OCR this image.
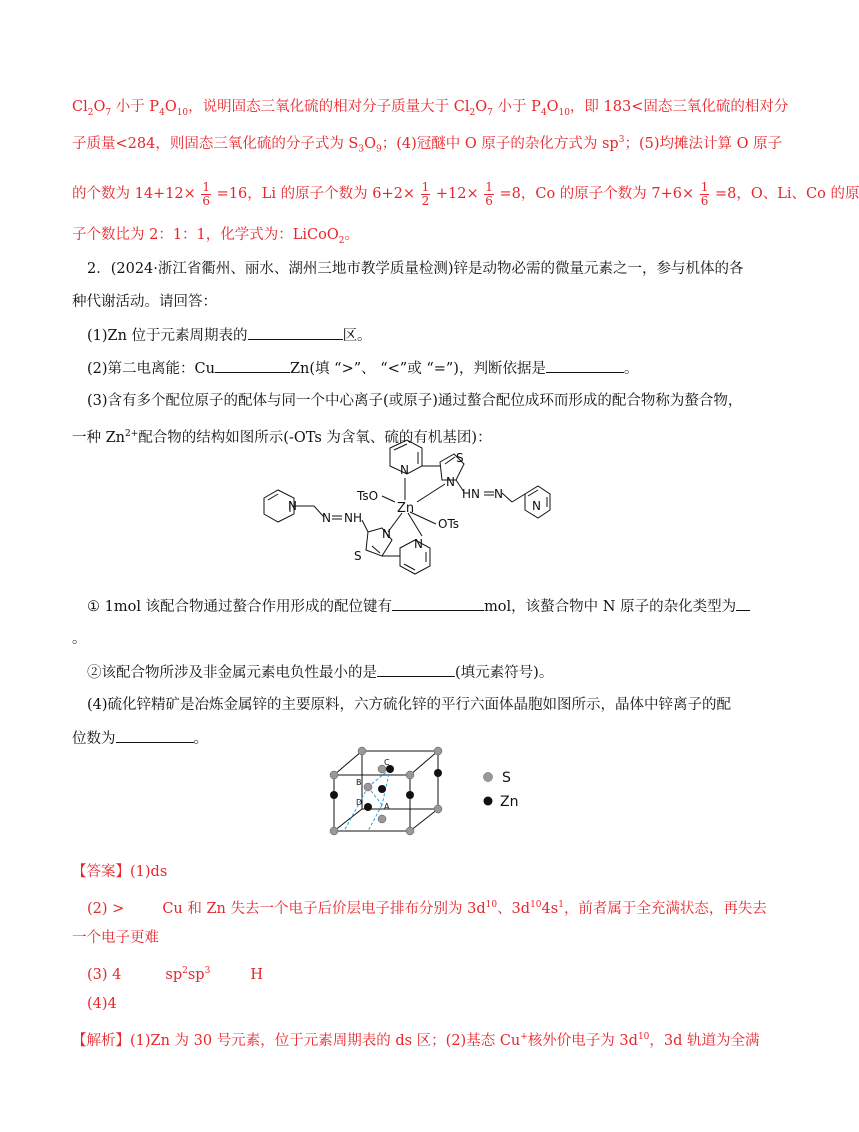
$Cl_2O_7$ 小于 $P_4O_{10}$，说明固态三氧化硫的相对分子质量大于 $Cl_2O_7$ 小于 $P_4O_{10}$，即 183<固态三氧化硫的相对分
子质量<284，则固态三氧化硫的分子式为 $S_3O_9$；(4)冠醚中 O 原子的杂化方式为 $sp^3$；(5)均摊法计算 O 原子
的个数为 $14+12\times \frac{1}{6} =16$，Li 的原子个数为 $6+2\times \frac{1}{2} +12\times \frac{1}{6} =8$，Co 的原子个数为 $7+6\times \frac{1}{6} =8$，O、Li、Co 的原
子个数比为 2：1：1，化学式为：LiCoO$_2$。
2．(2024·浙江省衢州、丽水、湖州三地市教学质量检测)锌是动物必需的微量元素之一，参与机体的各
种代谢活动。请回答：
(1)Zn 位于元素周期表的	区。
(2)第二电离能：Cu	Zn(填 “>”、 “<”或 “=”)，判断依据是	。
(3)含有多个配位原子的配体与同一个中心离子(或原子)通过螯合配位成环而形成的配合物称为螯合物，
一种 $Zn^{2+}$配合物的结构如图所示(-OTs 为含氧、硫的有机基团)：
N
S
N
HN N
TsO
Zn
OTs
NH
N
N
S
N
N	N
① 1mol 该配合物通过螯合作用形成的配位键有	mol，该螯合物中 N 原子的杂化类型为
。
②该配合物所涉及非金属元素电负性最小的是	(填元素符号)。
(4)硫化锌精矿是冶炼金属锌的主要原料，六方硫化锌的平行六面体晶胞如图所示，晶体中锌离子的配
位数为	。
B
C
D	A
S
Zn
【答案】(1)ds
(2) >	Cu 和 Zn 失去一个电子后价层电子排布分别为 $3d^{10}$、$3d^{10}4s^1$，前者属于全充满状态，再失去
一个电子更难
(3) 4	$sp^2sp^3$	H
(4)4
【解析】(1)Zn 为 30 号元素，位于元素周期表的 ds 区；(2)基态 Cu+核外价电子为 $3d^{10}$，3d 轨道为全满
